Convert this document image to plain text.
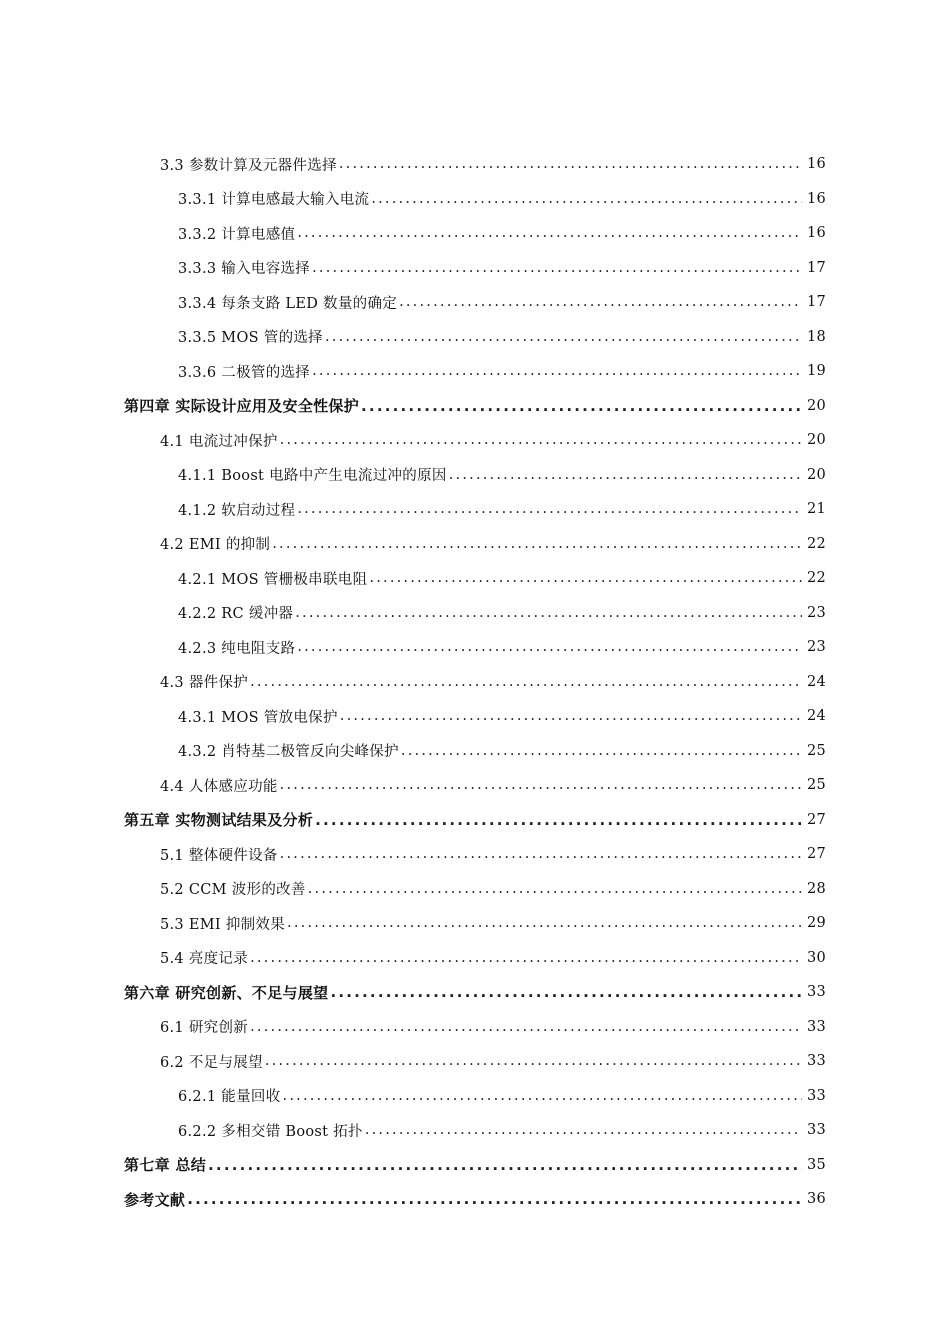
3.3 参数计算及元器件选择 .....	16
3.3.1 计算电感最大输入电流 .....	16
3.3.2 计算电感值 .....	16
3.3.3 输入电容选择 .....	17
3.3.4 每条支路 LED 数量的确定 .....	17
3.3.5 MOS 管的选择 .....	18
3.3.6 二极管的选择 .....	19
第四章 实际设计应用及安全性保护 .....	20
4.1 电流过冲保护 .....	20
4.1.1 Boost 电路中产生电流过冲的原因 .....	20
4.1.2 软启动过程 .....	21
4.2 EMI 的抑制 .....	22
4.2.1 MOS 管栅极串联电阻 .....	22
4.2.2 RC 缓冲器 .....	23
4.2.3 纯电阻支路 .....	23
4.3 器件保护 .....	24
4.3.1 MOS 管放电保护 .....	24
4.3.2 肖特基二极管反向尖峰保护 .....	25
4.4 人体感应功能 .....	25
第五章 实物测试结果及分析 .....	27
5.1 整体硬件设备 .....	27
5.2 CCM 波形的改善 .....	28
5.3 EMI 抑制效果 .....	29
5.4 亮度记录 .....	30
第六章 研究创新、不足与展望 .....	33
6.1 研究创新 .....	33
6.2 不足与展望 .....	33
6.2.1 能量回收 .....	33
6.2.2 多相交错 Boost 拓扑 .....	33
第七章 总结 .....	35
参考文献 .....	36
